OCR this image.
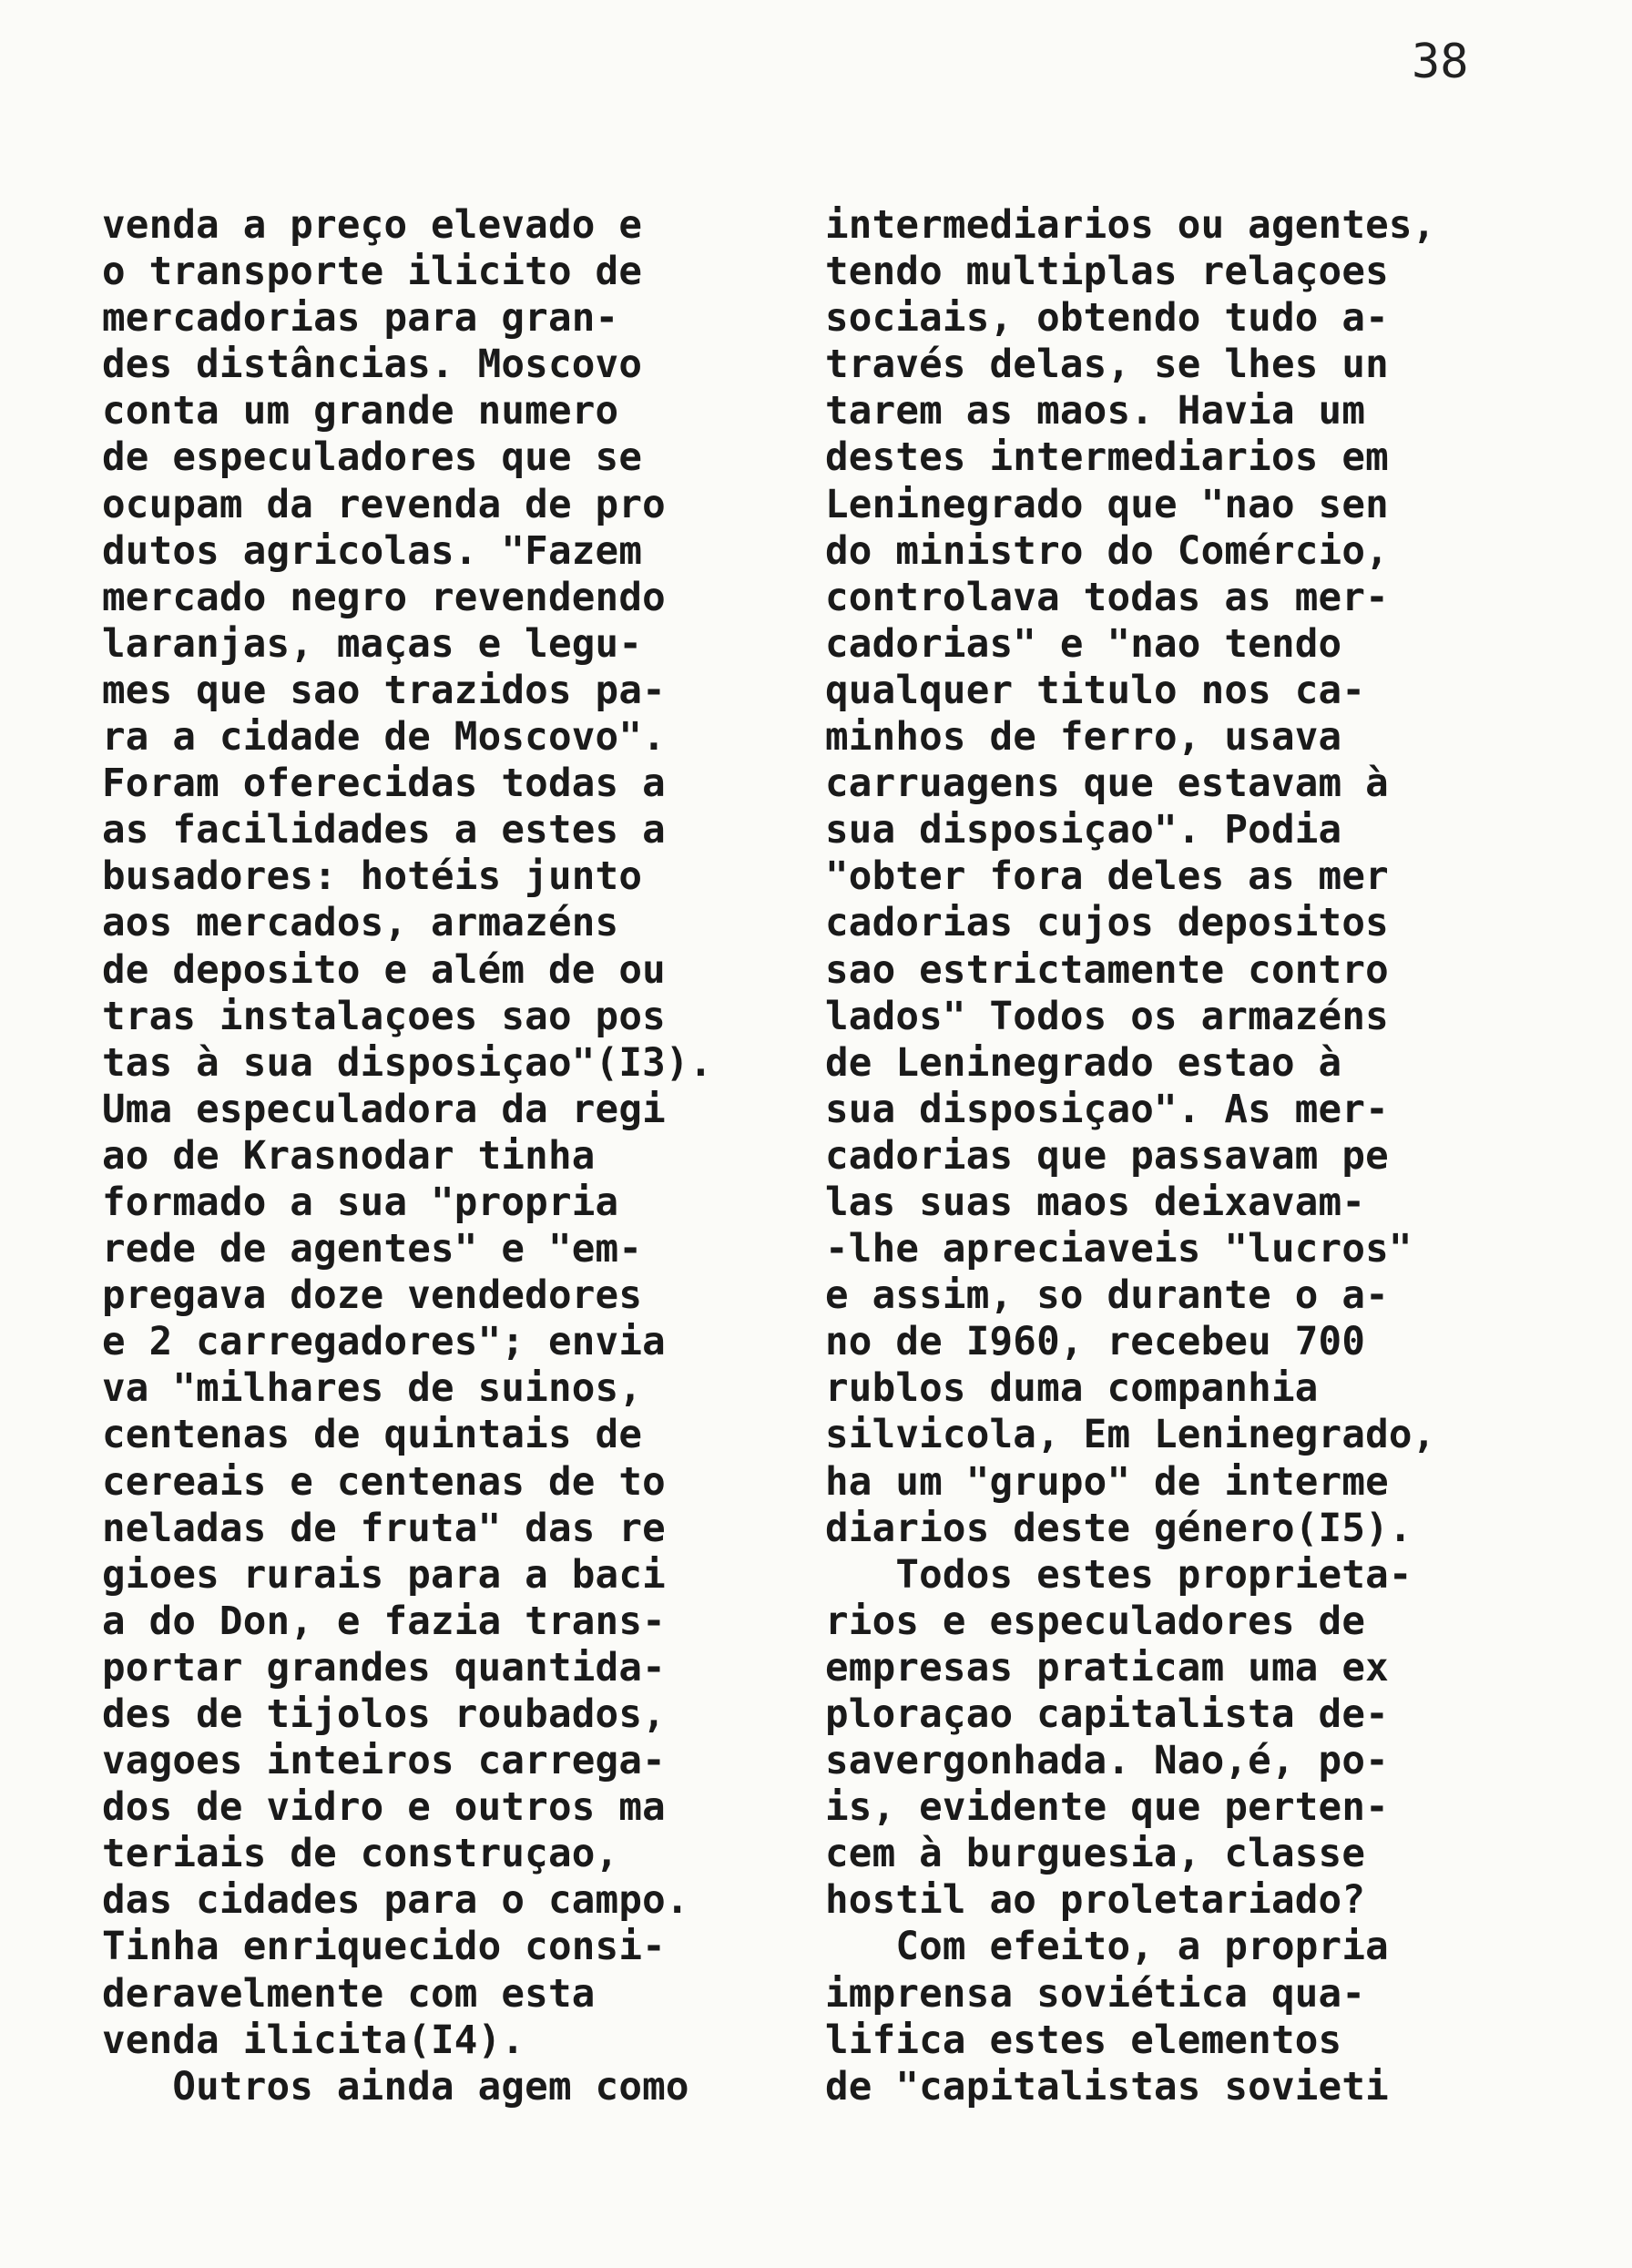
38
venda a preço elevado e
o transporte ilicito de
mercadorias para gran-
des distâncias. Moscovo
conta um grande numero
de especuladores que se
ocupam da revenda de pro
dutos agricolas. "Fazem
mercado negro revendendo
laranjas, maças e legu-
mes que sao trazidos pa-
ra a cidade de Moscovo".
Foram oferecidas todas a
as facilidades a estes a
busadores: hotéis junto
aos mercados, armazéns
de deposito e além de ou
tras instalaçoes sao pos
tas à sua disposiçao"(I3).
Uma especuladora da regi
ao de Krasnodar tinha
formado a sua "propria
rede de agentes" e "em-
pregava doze vendedores
e 2 carregadores"; envia
va "milhares de suinos,
centenas de quintais de
cereais e centenas de to
neladas de fruta" das re
gioes rurais para a baci
a do Don, e fazia trans-
portar grandes quantida-
des de tijolos roubados,
vagoes inteiros carrega-
dos de vidro e outros ma
teriais de construçao,
das cidades para o campo.
Tinha enriquecido consi-
deravelmente com esta
venda ilicita(I4).
Outros ainda agem como
intermediarios ou agentes,
tendo multiplas relaçoes
sociais, obtendo tudo a-
través delas, se lhes un
tarem as maos. Havia um
destes intermediarios em
Leninegrado que "nao sen
do ministro do Comércio,
controlava todas as mer-
cadorias" e "nao tendo
qualquer titulo nos ca-
minhos de ferro, usava
carruagens que estavam à
sua disposiçao". Podia
"obter fora deles as mer
cadorias cujos depositos
sao estrictamente contro
lados" Todos os armazéns
de Leninegrado estao à
sua disposiçao". As mer-
cadorias que passavam pe
las suas maos deixavam-
-lhe apreciaveis "lucros"
e assim, so durante o a-
no de I960, recebeu 700
rublos duma companhia
silvicola, Em Leninegrado,
ha um "grupo" de interme
diarios deste género(I5).
Todos estes proprieta-
rios e especuladores de
empresas praticam uma ex
ploraçao capitalista de-
savergonhada. Nao,é, po-
is, evidente que perten-
cem à burguesia, classe
hostil ao proletariado?
Com efeito, a propria
imprensa soviética qua-
lifica estes elementos
de "capitalistas sovieti
